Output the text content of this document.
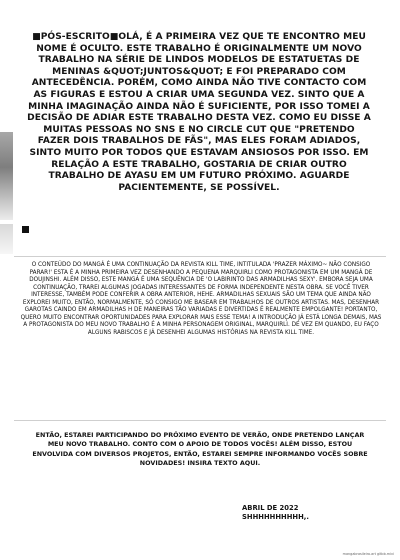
■PÓS-ESCRITO■OLÁ, É A PRIMEIRA VEZ QUE TE ENCONTRO MEU NOME É OCULTO. ESTE TRABALHO É ORIGINALMENTE UM NOVO TRABALHO NA SÉRIE DE LINDOS MODELOS DE ESTATUETAS DE MENINAS &QUOT;JUNTOS&QUOT; E FOI PREPARADO COM ANTECEDÊNCIA. PORÉM, COMO AINDA NÃO TIVE CONTACTO COM AS FIGURAS E ESTOU A CRIAR UMA SEGUNDA VEZ. SINTO QUE A MINHA IMAGINAÇÃO AINDA NÃO É SUFICIENTE, POR ISSO TOMEI A DECISÃO DE ADIAR ESTE TRABALHO DESTA VEZ. COMO EU DISSE A MUITAS PESSOAS NO SNS E NO CIRCLE CUT QUE "PRETENDO FAZER DOIS TRABALHOS DE FÃS", MAS ELES FORAM ADIADOS, SINTO MUITO POR TODOS QUE ESTAVAM ANSIOSOS POR ISSO. EM RELAÇÃO A ESTE TRABALHO, GOSTARIA DE CRIAR OUTRO TRABALHO DE AYASU EM UM FUTURO PRÓXIMO. AGUARDE PACIENTEMENTE, SE POSSÍVEL.
O CONTEÚDO DO MANGÁ É UMA CONTINUAÇÃO DA REVISTA KILL TIME, INTITULADA 'PRAZER MÁXIMO~ NÃO CONSIGO PARAR!' ESTA É A MINHA PRIMEIRA VEZ DESENHANDO A PEQUENA MARQUIRLI COMO PROTAGONISTA EM UM MANGÁ DE DOUJINSHI. ALÉM DISSO, ESTE MANGÁ É UMA SEQUÊNCIA DE 'O LABIRINTO DAS ARMADILHAS SEXY'. EMBORA SEJA UMA CONTINUAÇÃO, TRAREI ALGUMAS JOGADAS INTERESSANTES DE FORMA INDEPENDENTE NESTA OBRA. SE VOCÊ TIVER INTERESSE, TAMBÉM PODE CONFERIR A OBRA ANTERIOR, HEHE. ARMADILHAS SEXUAIS SÃO UM TEMA QUE AINDA NÃO EXPLOREI MUITO, ENTÃO, NORMALMENTE, SÓ CONSIGO ME BASEAR EM TRABALHOS DE OUTROS ARTISTAS. MAS, DESENHAR GAROTAS CAINDO EM ARMADILHAS H DE MANEIRAS TÃO VARIADAS E DIVERTIDAS É REALMENTE EMPOLGANTE! PORTANTO, QUERO MUITO ENCONTRAR OPORTUNIDADES PARA EXPLORAR MAIS ESSE TEMA! A INTRODUÇÃO JÁ ESTÁ LONGA DEMAIS, MAS A PROTAGONISTA DO MEU NOVO TRABALHO É A MINHA PERSONAGEM ORIGINAL, MARQUIRLI. DE VEZ EM QUANDO, EU FAÇO ALGUNS RABISCOS E JÁ DESENHEI ALGUMAS HISTÓRIAS NA REVISTA KILL TIME.
ENTÃO, ESTAREI PARTICIPANDO DO PRÓXIMO EVENTO DE VERÃO, ONDE PRETENDO LANÇAR MEU NOVO TRABALHO. CONTO COM O APOIO DE TODOS VOCÊS! ALÉM DISSO, ESTOU ENVOLVIDA COM DIVERSOS PROJETOS, ENTÃO, ESTAREI SEMPRE INFORMANDO VOCÊS SOBRE NOVIDADES! INSIRA TEXTO AQUI.
ABRIL DE 2022
SHHHHHHHHHH,.
mangabrasileiro.art gitbb.mivi
